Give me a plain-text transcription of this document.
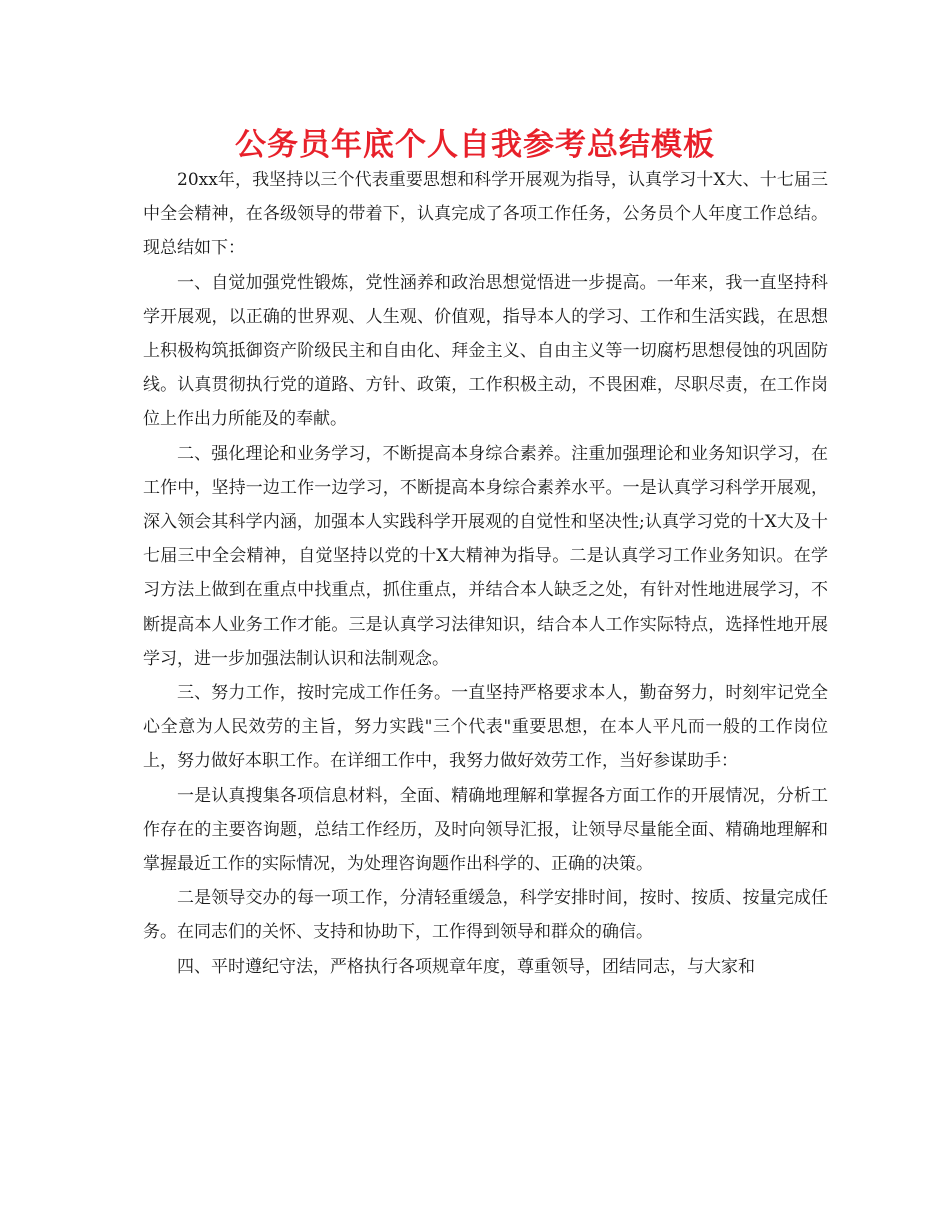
公务员年底个人自我参考总结模板

20xx年，我坚持以三个代表重要思想和科学开展观为指导，认真学习十X大、十七届三中全会精神，在各级领导的带着下，认真完成了各项工作任务，公务员个人年度工作总结。现总结如下：

一、自觉加强党性锻炼，党性涵养和政治思想觉悟进一步提高。一年来，我一直坚持科学开展观，以正确的世界观、人生观、价值观，指导本人的学习、工作和生活实践，在思想上积极构筑抵御资产阶级民主和自由化、拜金主义、自由主义等一切腐朽思想侵蚀的巩固防线。认真贯彻执行党的道路、方针、政策，工作积极主动，不畏困难，尽职尽责，在工作岗位上作出力所能及的奉献。

二、强化理论和业务学习，不断提高本身综合素养。注重加强理论和业务知识学习，在工作中，坚持一边工作一边学习，不断提高本身综合素养水平。一是认真学习科学开展观，深入领会其科学内涵，加强本人实践科学开展观的自觉性和坚决性;认真学习党的十X大及十七届三中全会精神，自觉坚持以党的十X大精神为指导。二是认真学习工作业务知识。在学习方法上做到在重点中找重点，抓住重点，并结合本人缺乏之处，有针对性地进展学习，不断提高本人业务工作才能。三是认真学习法律知识，结合本人工作实际特点，选择性地开展学习，进一步加强法制认识和法制观念。

三、努力工作，按时完成工作任务。一直坚持严格要求本人，勤奋努力，时刻牢记党全心全意为人民效劳的主旨，努力实践"三个代表"重要思想，在本人平凡而一般的工作岗位上，努力做好本职工作。在详细工作中，我努力做好效劳工作，当好参谋助手：

一是认真搜集各项信息材料，全面、精确地理解和掌握各方面工作的开展情况，分析工作存在的主要咨询题，总结工作经历，及时向领导汇报，让领导尽量能全面、精确地理解和掌握最近工作的实际情况，为处理咨询题作出科学的、正确的决策。

二是领导交办的每一项工作，分清轻重缓急，科学安排时间，按时、按质、按量完成任务。在同志们的关怀、支持和协助下，工作得到领导和群众的确信。

四、平时遵纪守法，严格执行各项规章年度，尊重领导，团结同志，与大家和
